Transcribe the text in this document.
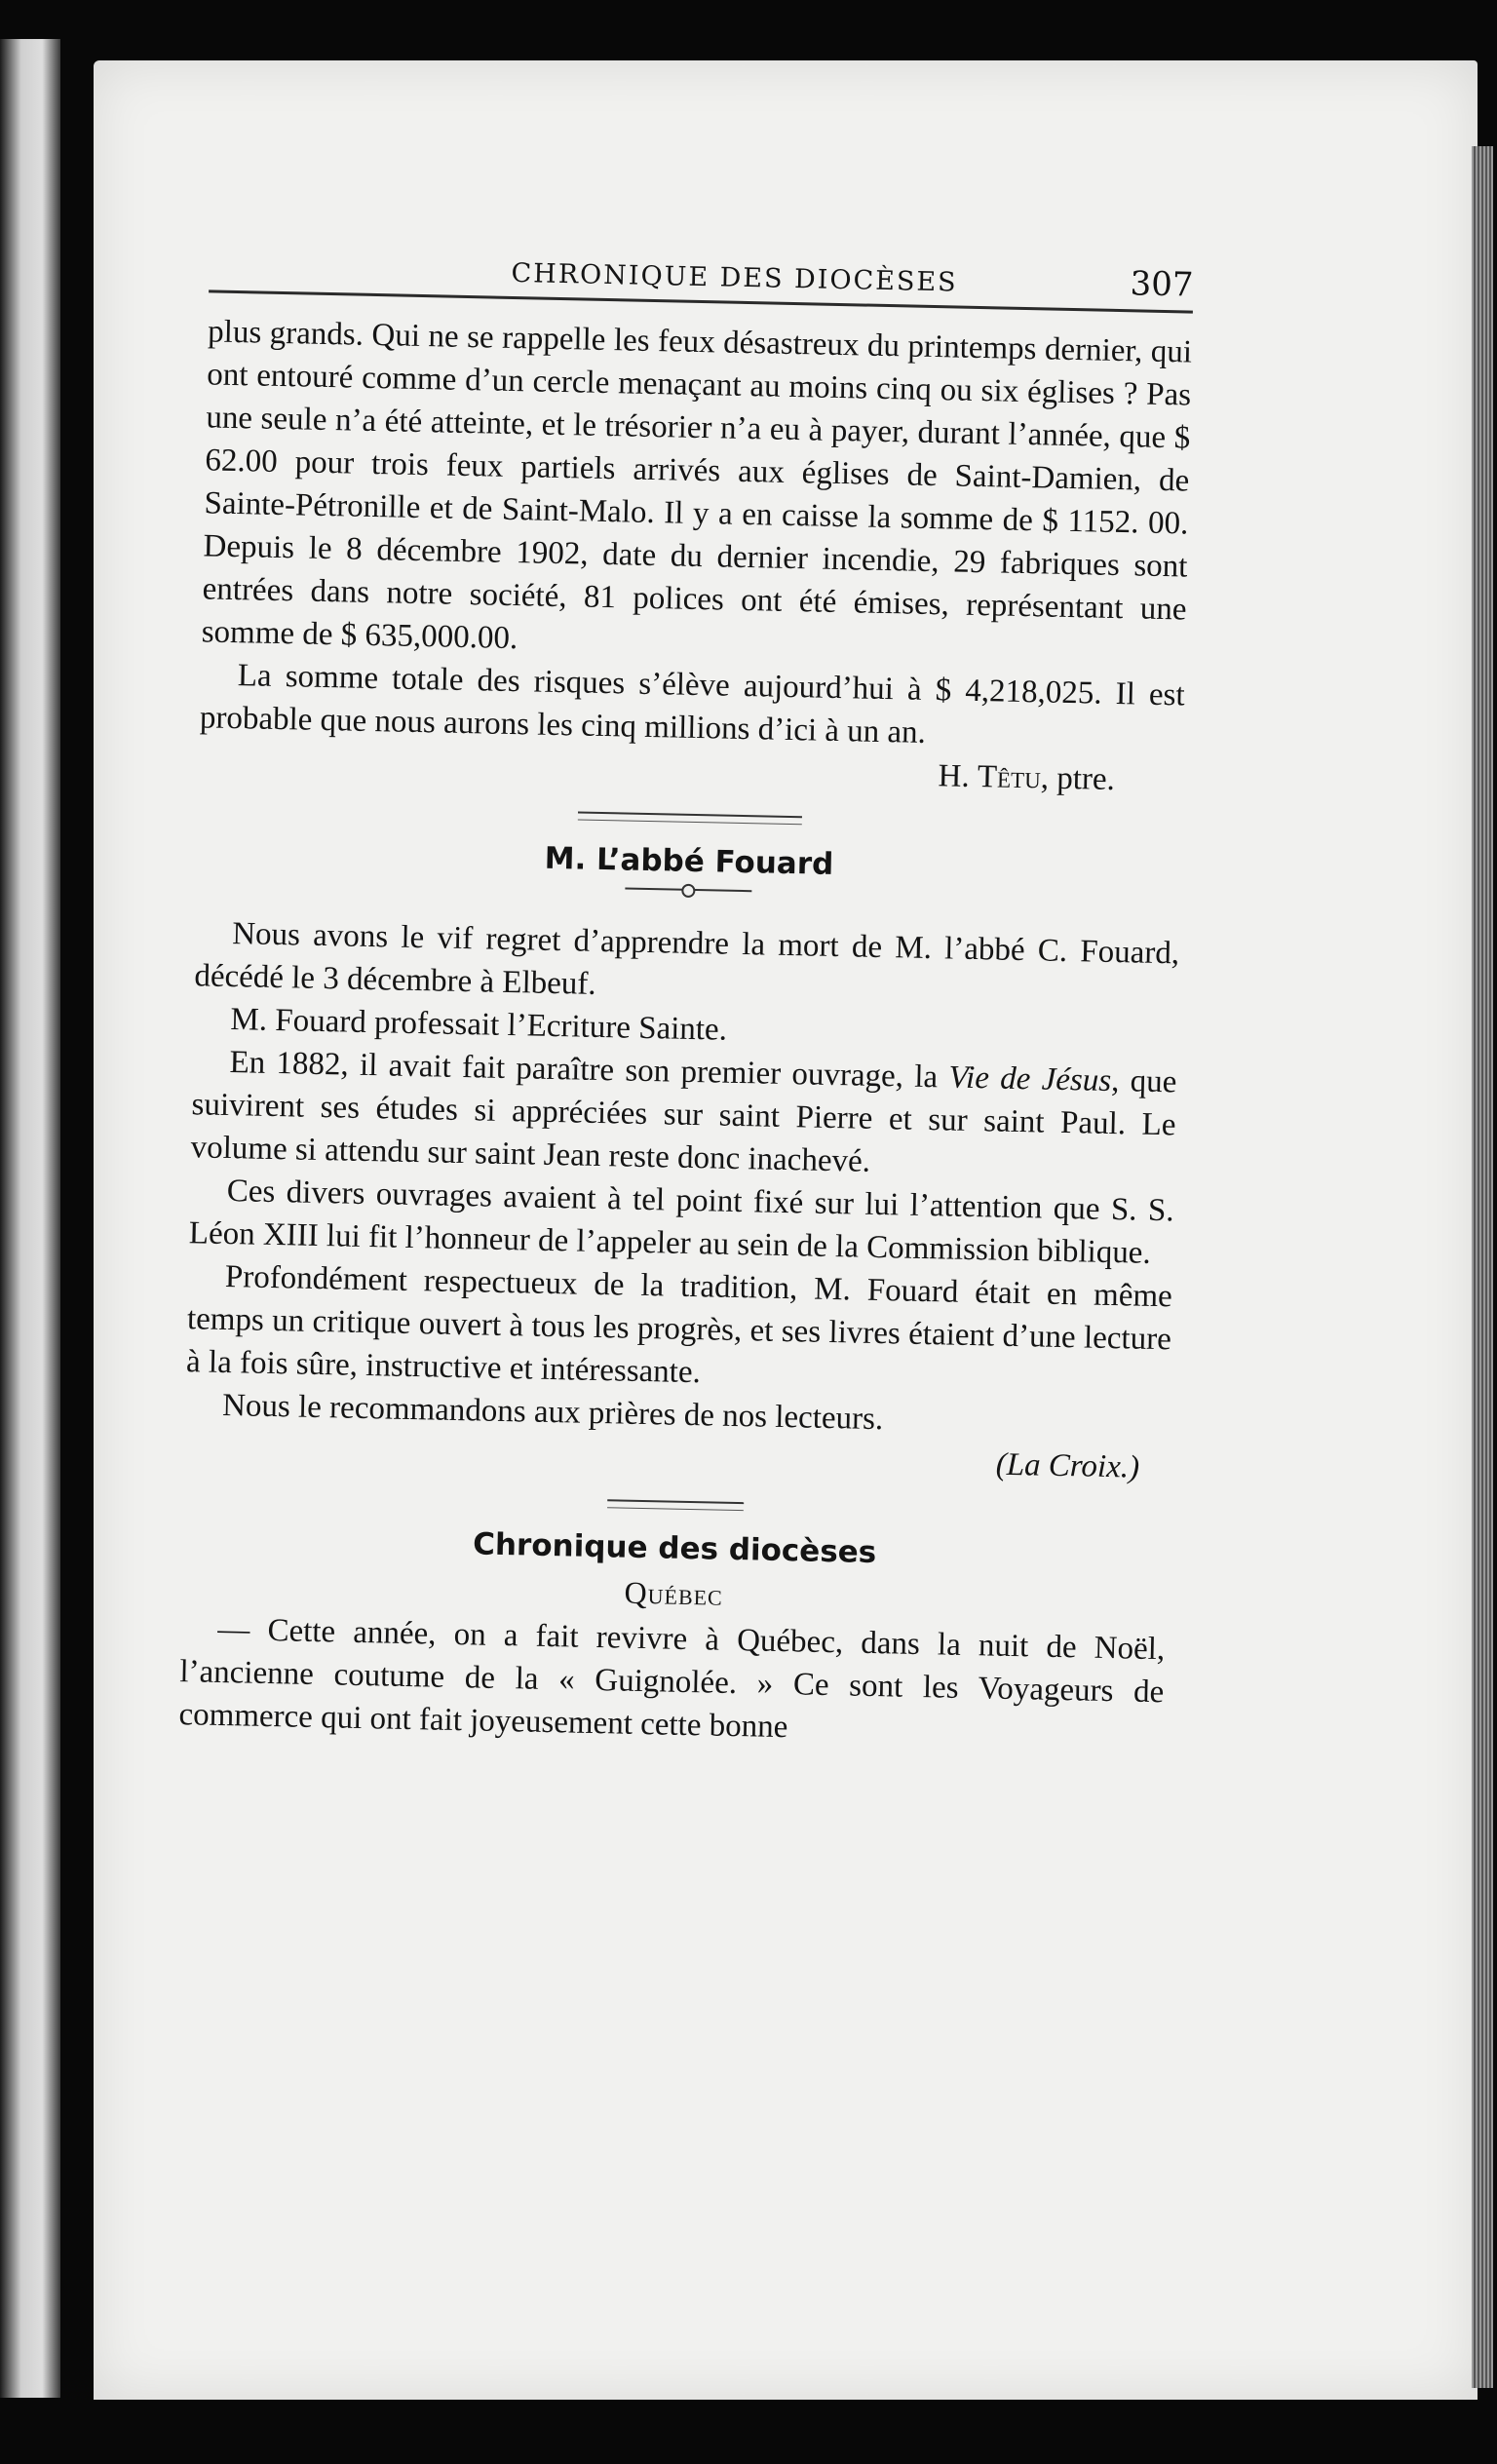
CHRONIQUE DES DIOCÈSES	307

plus grands. Qui ne se rappelle les feux désastreux du printemps dernier, qui ont entouré comme d’un cercle menaçant au moins cinq ou six églises ? Pas une seule n’a été atteinte, et le trésorier n’a eu à payer, durant l’année, que $ 62.00 pour trois feux partiels arrivés aux églises de Saint-Damien, de Sainte-Pétronille et de Saint-Malo. Il y a en caisse la somme de $ 1152. 00. Depuis le 8 décembre 1902, date du dernier incendie, 29 fabriques sont entrées dans notre société, 81 polices ont été émises, représentant une somme de $ 635,000.00.

La somme totale des risques s’élève aujourd’hui à $ 4,218,025. Il est probable que nous aurons les cinq millions d’ici à un an.

H. Têtu, ptre.

M. L’abbé Fouard

Nous avons le vif regret d’apprendre la mort de M. l’abbé C. Fouard, décédé le 3 décembre à Elbeuf.

M. Fouard professait l’Ecriture Sainte.

En 1882, il avait fait paraître son premier ouvrage, la Vie de Jésus, que suivirent ses études si appréciées sur saint Pierre et sur saint Paul. Le volume si attendu sur saint Jean reste donc inachevé.

Ces divers ouvrages avaient à tel point fixé sur lui l’attention que S. S. Léon XIII lui fit l’honneur de l’appeler au sein de la Commission biblique.

Profondément respectueux de la tradition, M. Fouard était en même temps un critique ouvert à tous les progrès, et ses livres étaient d’une lecture à la fois sûre, instructive et intéressante.

Nous le recommandons aux prières de nos lecteurs.

(La Croix.)

Chronique des diocèses
Québec

— Cette année, on a fait revivre à Québec, dans la nuit de Noël, l’ancienne coutume de la « Guignolée. » Ce sont les Voyageurs de commerce qui ont fait joyeusement cette bonne
